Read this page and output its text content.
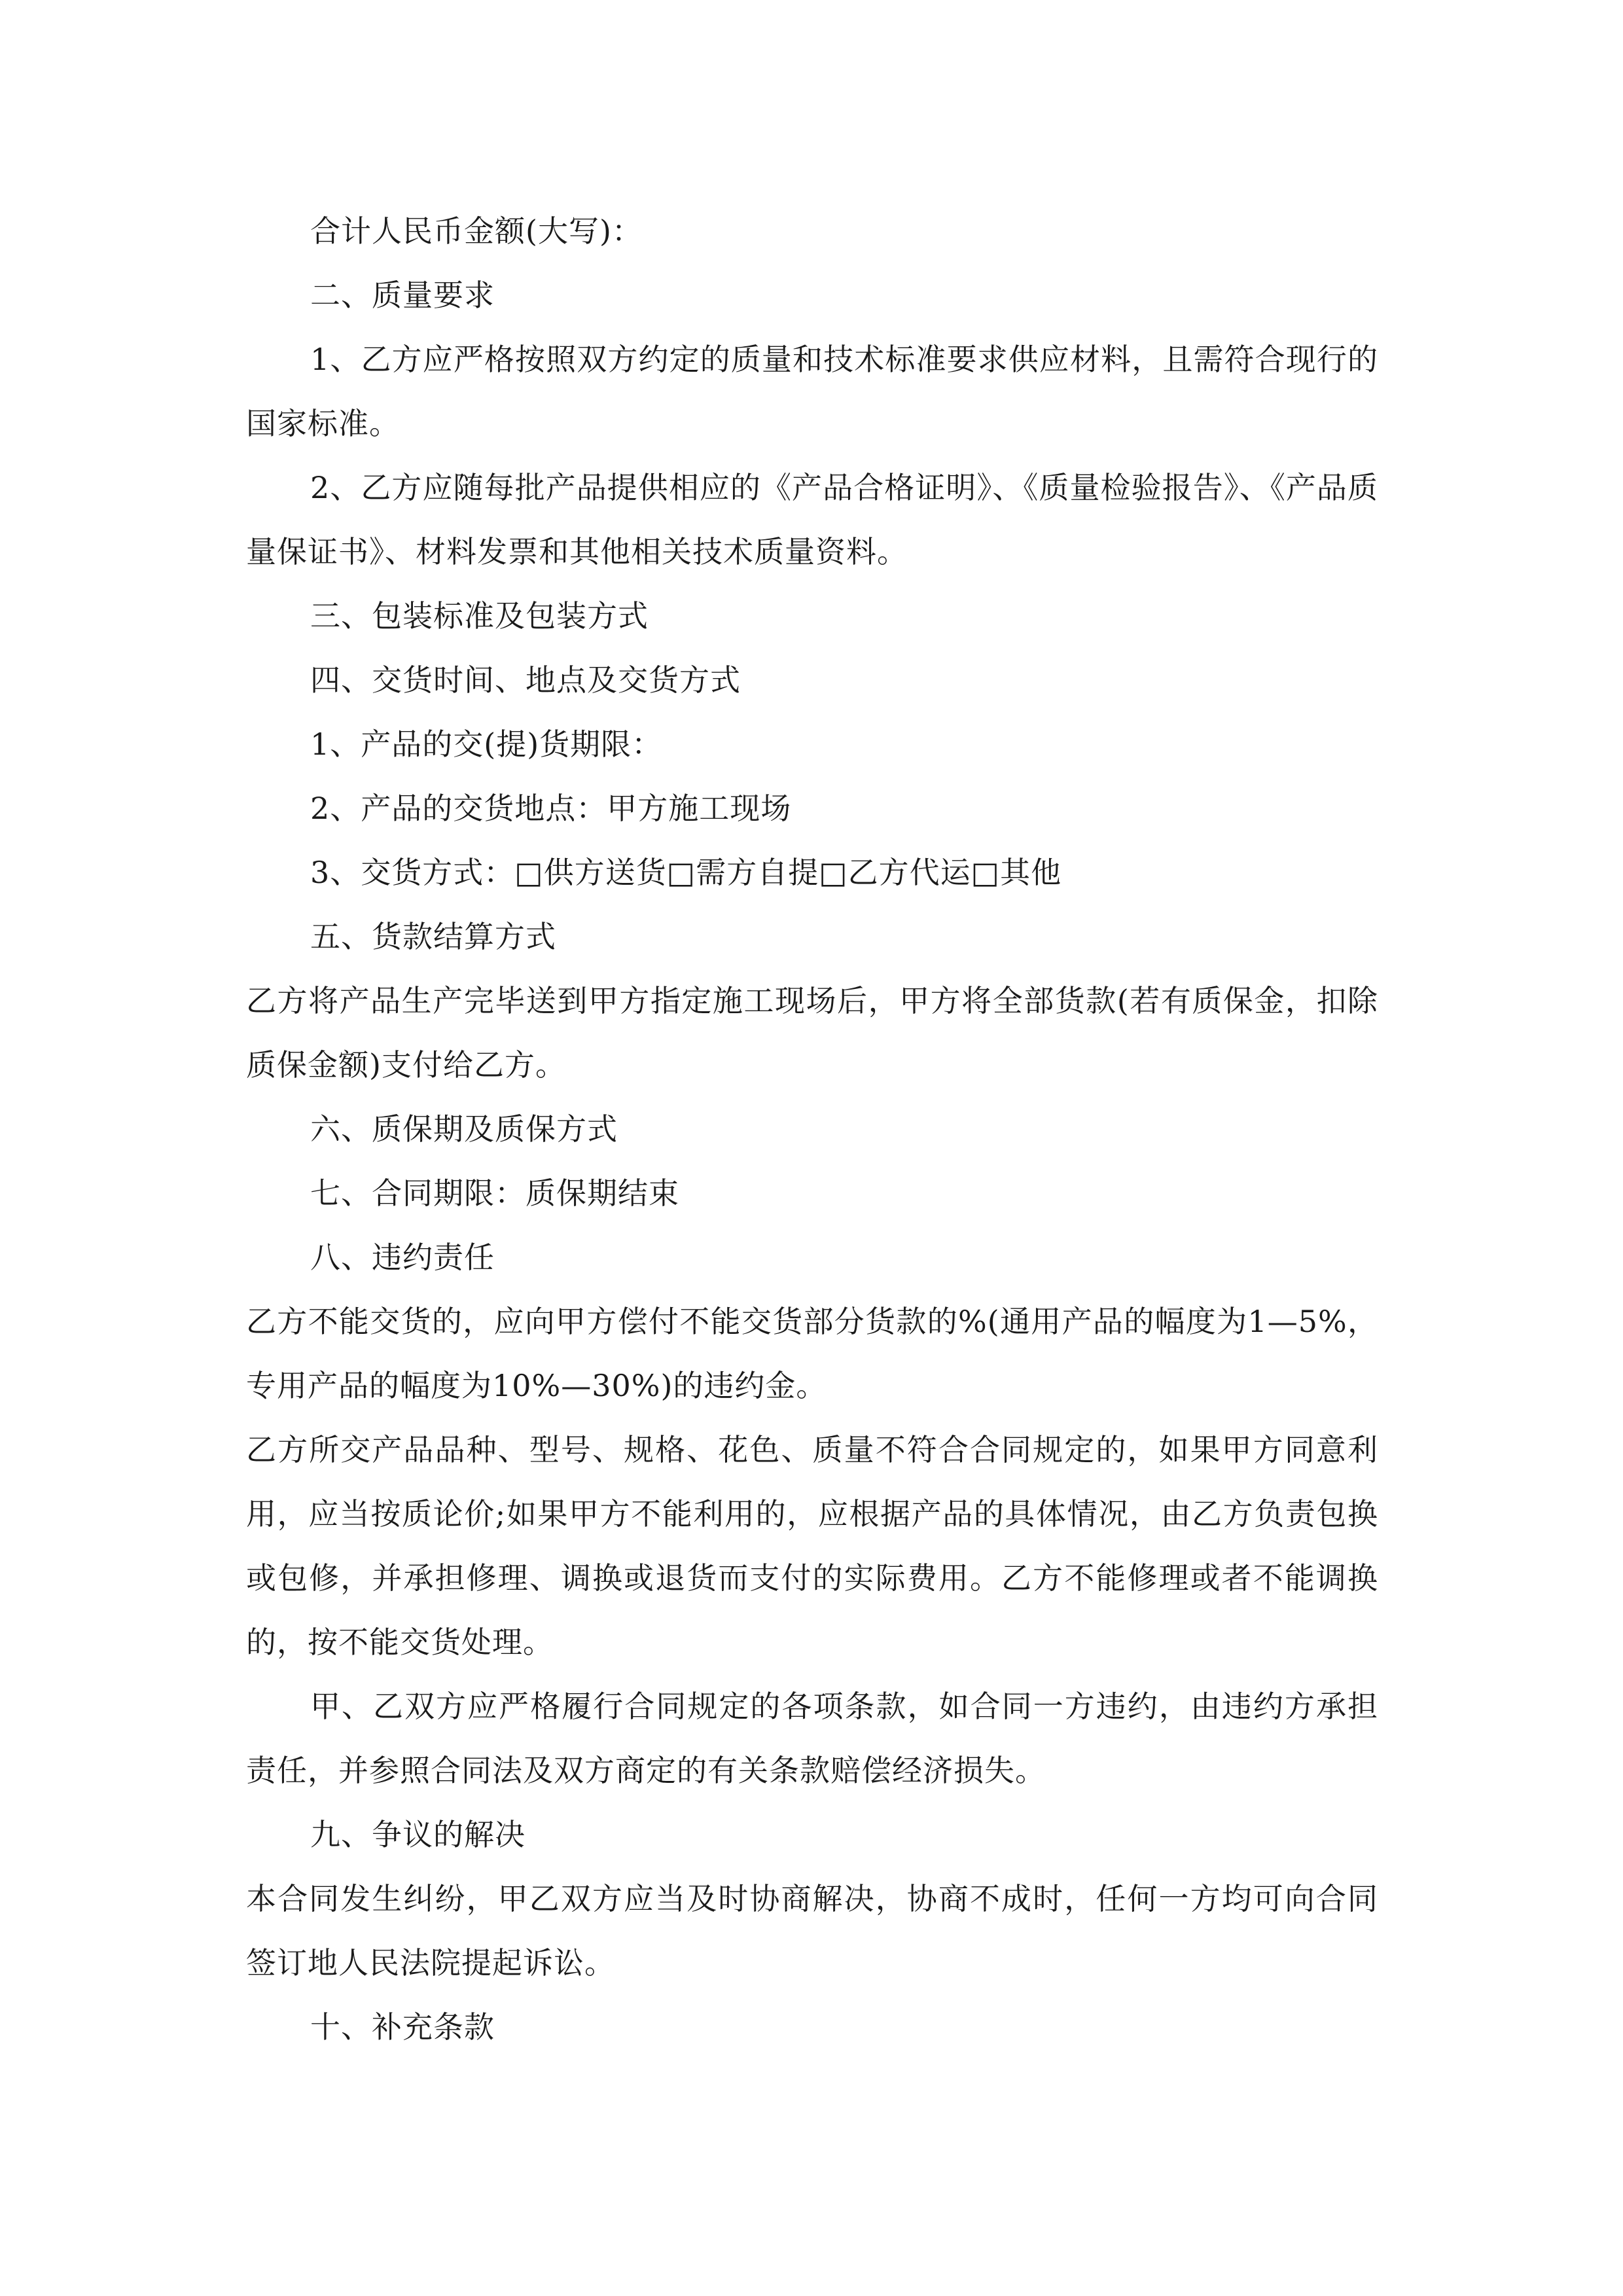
合计人民币金额(大写)：

二、质量要求

1、乙方应严格按照双方约定的质量和技术标准要求供应材料，且需符合现行的国家标准。

2、乙方应随每批产品提供相应的《产品合格证明》、《质量检验报告》、《产品质量保证书》、材料发票和其他相关技术质量资料。

三、包装标准及包装方式

四、交货时间、地点及交货方式

1、产品的交(提)货期限：

2、产品的交货地点：甲方施工现场

3、交货方式：□供方送货□需方自提□乙方代运□其他

五、货款结算方式

乙方将产品生产完毕送到甲方指定施工现场后，甲方将全部货款(若有质保金，扣除质保金额)支付给乙方。

六、质保期及质保方式

七、合同期限：质保期结束

八、违约责任

乙方不能交货的，应向甲方偿付不能交货部分货款的%(通用产品的幅度为1—5%，专用产品的幅度为10%—30%)的违约金。

乙方所交产品品种、型号、规格、花色、质量不符合合同规定的，如果甲方同意利用，应当按质论价;如果甲方不能利用的，应根据产品的具体情况，由乙方负责包换或包修，并承担修理、调换或退货而支付的实际费用。乙方不能修理或者不能调换的，按不能交货处理。

甲、乙双方应严格履行合同规定的各项条款，如合同一方违约，由违约方承担责任，并参照合同法及双方商定的有关条款赔偿经济损失。

九、争议的解决

本合同发生纠纷，甲乙双方应当及时协商解决，协商不成时，任何一方均可向合同签订地人民法院提起诉讼。

十、补充条款
